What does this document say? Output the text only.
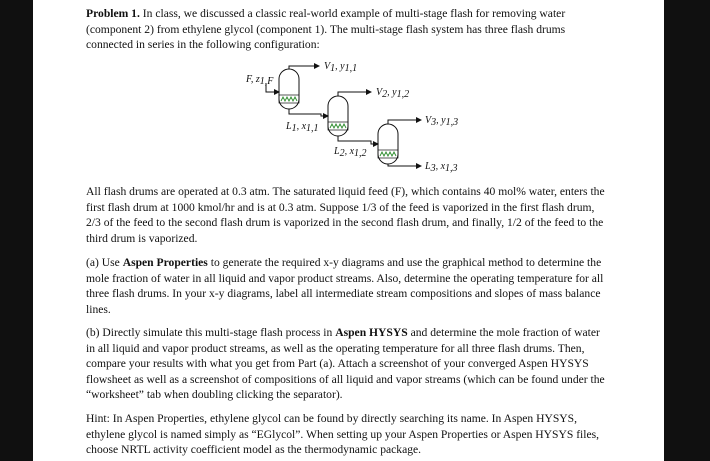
Problem 1. In class, we discussed a classic real-world example of multi-stage flash for removing water (component 2) from ethylene glycol (component 1). The multi-stage flash system has three flash drums connected in series in the following configuration:

F, z1,F
V1, y1,1
V2, y1,2
V3, y1,3
L1, x1,1
L2, x1,2
L3, x1,3

All flash drums are operated at 0.3 atm. The saturated liquid feed (F), which contains 40 mol% water, enters the first flash drum at 1000 kmol/hr and is at 0.3 atm. Suppose 1/3 of the feed is vaporized in the first flash drum, 2/3 of the feed to the second flash drum is vaporized in the second flash drum, and finally, 1/2 of the feed to the third drum is vaporized.

(a) Use Aspen Properties to generate the required x-y diagrams and use the graphical method to determine the mole fraction of water in all liquid and vapor product streams. Also, determine the operating temperature for all three flash drums. In your x-y diagrams, label all intermediate stream compositions and slopes of mass balance lines.

(b) Directly simulate this multi-stage flash process in Aspen HYSYS and determine the mole fraction of water in all liquid and vapor product streams, as well as the operating temperature for all three flash drums. Then, compare your results with what you get from Part (a). Attach a screenshot of your converged Aspen HYSYS flowsheet as well as a screenshot of compositions of all liquid and vapor streams (which can be found under the “worksheet” tab when doubling clicking the separator).

Hint: In Aspen Properties, ethylene glycol can be found by directly searching its name. In Aspen HYSYS, ethylene glycol is named simply as “EGlycol”. When setting up your Aspen Properties or Aspen HYSYS files, choose NRTL activity coefficient model as the thermodynamic package.
